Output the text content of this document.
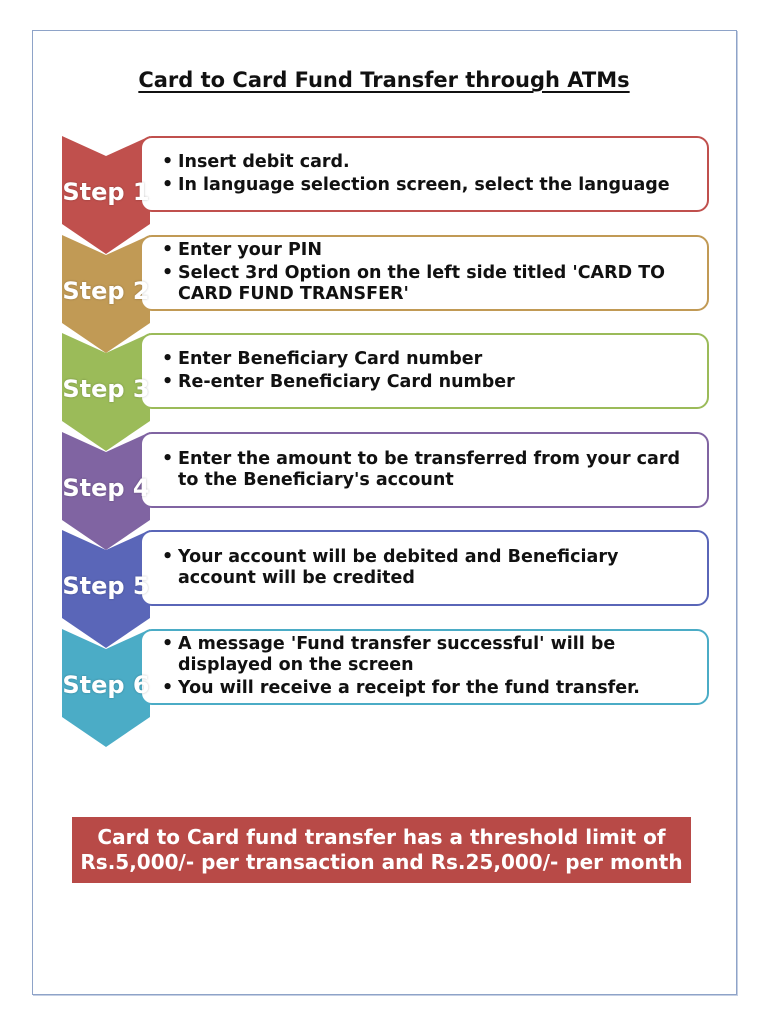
Card to Card Fund Transfer through ATMs
• Insert debit card.
• In language selection screen, select the language
Step 1
• Enter your PIN
• Select 3rd Option on the left side titled 'CARD TO CARD FUND TRANSFER'
Step 2
• Enter Beneficiary Card number
• Re-enter Beneficiary Card number
Step 3
• Enter the amount to be transferred from your card to the Beneficiary's account
Step 4
• Your account will be debited and Beneficiary account will be credited
Step 5
• A message 'Fund transfer successful' will be displayed on the screen
• You will receive a receipt for the fund transfer.
Step 6
Card to Card fund transfer has a threshold limit of
Rs.5,000/- per transaction and Rs.25,000/- per month
